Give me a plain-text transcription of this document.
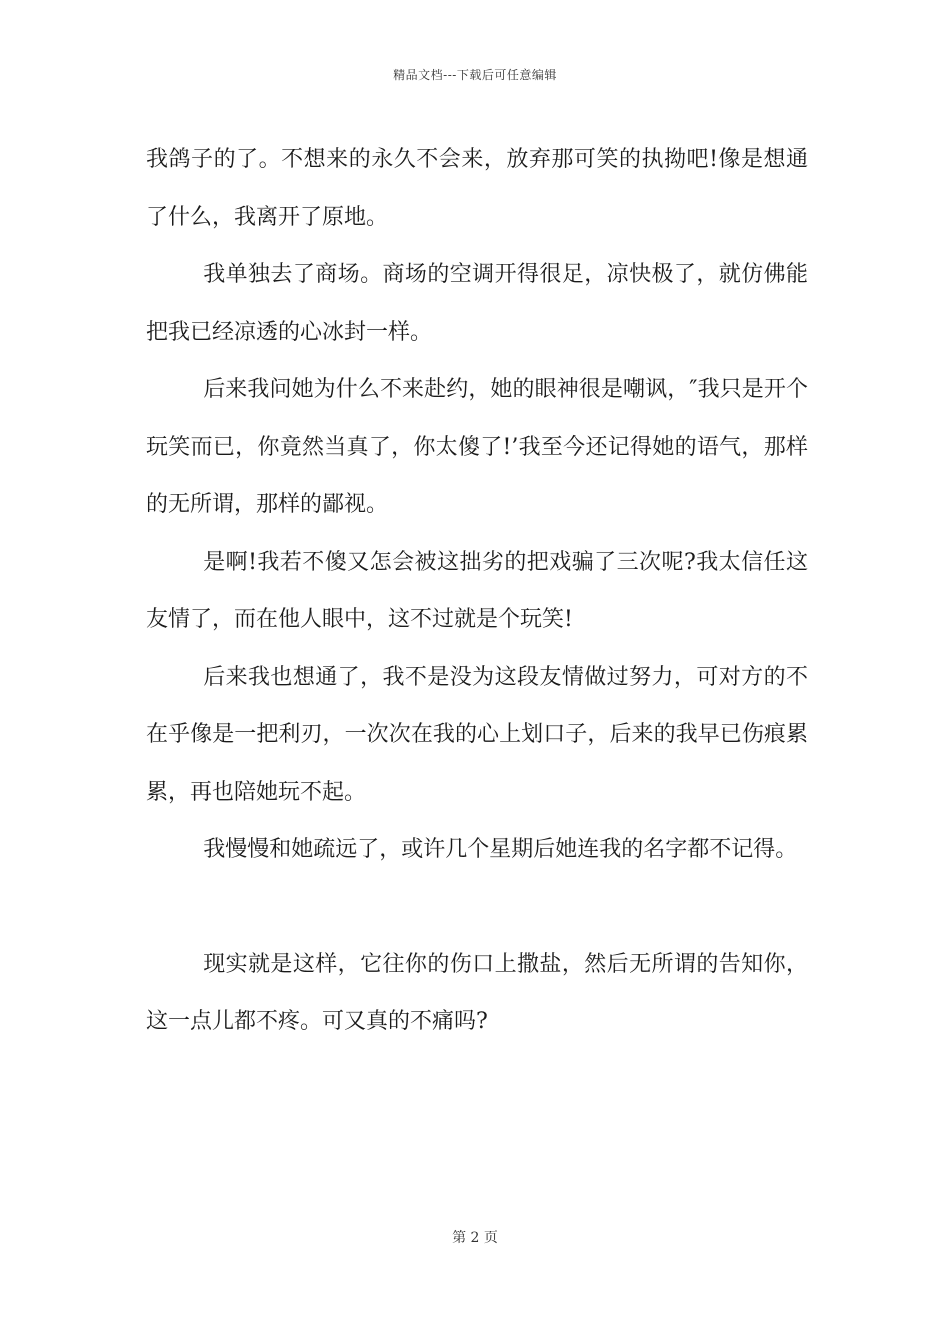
精品文档---下载后可任意编辑

我鸽子的了。不想来的永久不会来，放弃那可笑的执拗吧!像是想通了什么，我离开了原地。

我单独去了商场。商场的空调开得很足，凉快极了，就仿佛能把我已经凉透的心冰封一样。

后来我问她为什么不来赴约，她的眼神很是嘲讽，″我只是开个玩笑而已，你竟然当真了，你太傻了!’我至今还记得她的语气，那样的无所谓，那样的鄙视。

是啊!我若不傻又怎会被这拙劣的把戏骗了三次呢?我太信任这友情了，而在他人眼中，这不过就是个玩笑!

后来我也想通了，我不是没为这段友情做过努力，可对方的不在乎像是一把利刃，一次次在我的心上划口子，后来的我早已伤痕累累，再也陪她玩不起。

我慢慢和她疏远了，或许几个星期后她连我的名字都不记得。

现实就是这样，它往你的伤口上撒盐，然后无所谓的告知你，这一点儿都不疼。可又真的不痛吗?

第 2 页
